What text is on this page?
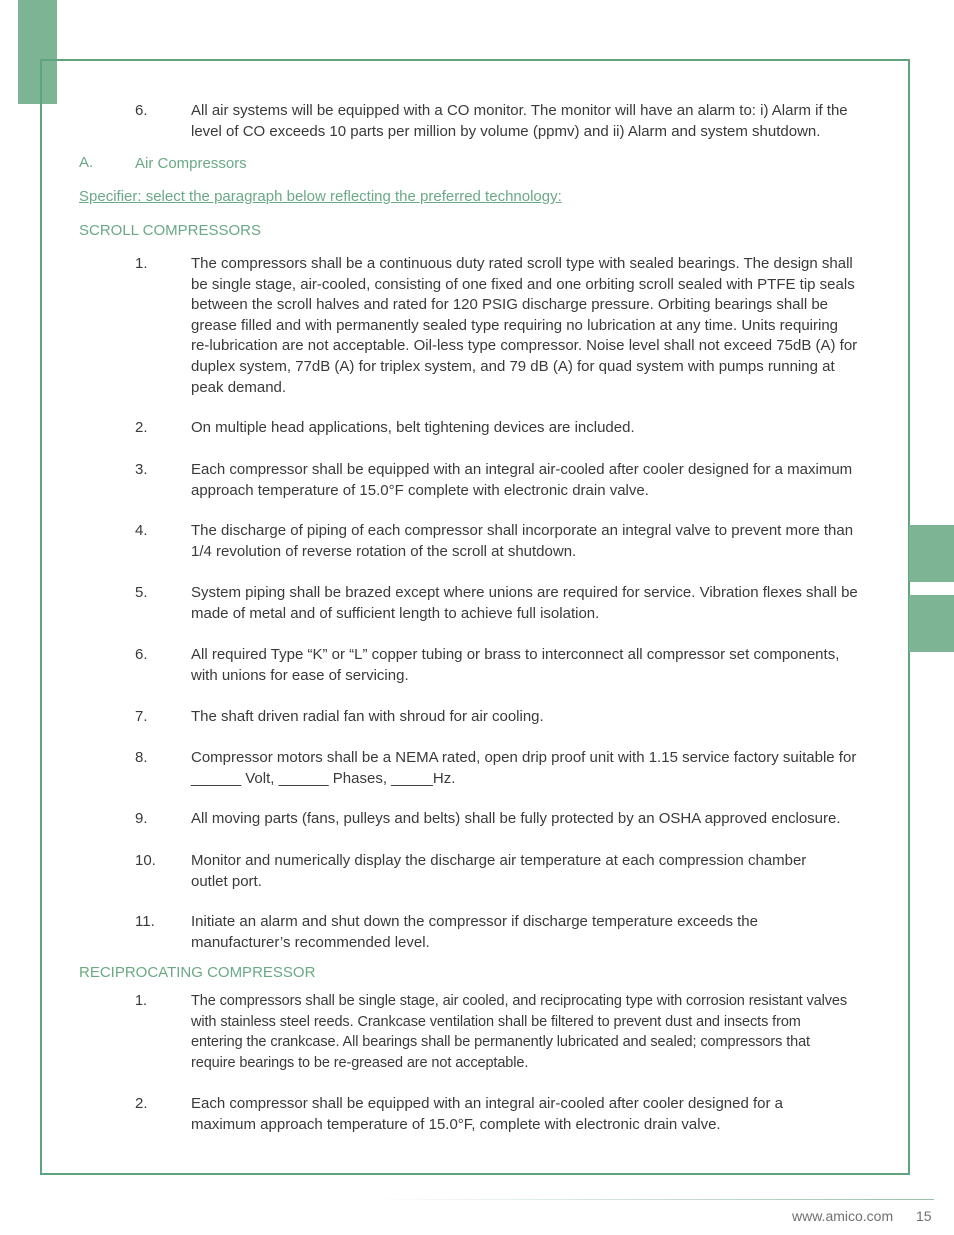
6.	All air systems will be equipped with a CO monitor. The monitor will have an alarm to: i) Alarm if the
level of CO exceeds 10 parts per million by volume (ppmv) and ii) Alarm and system shutdown.
A.	Air Compressors
Specifier: select the paragraph below reflecting the preferred technology:
SCROLL COMPRESSORS
1.	The compressors shall be a continuous duty rated scroll type with sealed bearings. The design shall
be single stage, air-cooled, consisting of one fixed and one orbiting scroll sealed with PTFE tip seals
between the scroll halves and rated for 120 PSIG discharge pressure. Orbiting bearings shall be
grease filled and with permanently sealed type requiring no lubrication at any time. Units requiring
re-lubrication are not acceptable. Oil-less type compressor. Noise level shall not exceed 75dB (A) for
duplex system, 77dB (A) for triplex system, and 79 dB (A) for quad system with pumps running at
peak demand.
2.	On multiple head applications, belt tightening devices are included.
3.	Each compressor shall be equipped with an integral air-cooled after cooler designed for a maximum
approach temperature of 15.0°F complete with electronic drain valve.
4.	The discharge of piping of each compressor shall incorporate an integral valve to prevent more than
1/4 revolution of reverse rotation of the scroll at shutdown.
5.	System piping shall be brazed except where unions are required for service. Vibration flexes shall be
made of metal and of sufficient length to achieve full isolation.
6.	All required Type “K” or “L” copper tubing or brass to interconnect all compressor set components,
with unions for ease of servicing.
7.	The shaft driven radial fan with shroud for air cooling.
8.	Compressor motors shall be a NEMA rated, open drip proof unit with 1.15 service factory suitable for
______ Volt, ______ Phases, _____Hz.
9.	All moving parts (fans, pulleys and belts) shall be fully protected by an OSHA approved enclosure.
10. Monitor and numerically display the discharge air temperature at each compression chamber
outlet port.
11. Initiate an alarm and shut down the compressor if discharge temperature exceeds the
manufacturer’s recommended level.
RECIPROCATING COMPRESSOR
1.	The compressors shall be single stage, air cooled, and reciprocating type with corrosion resistant valves
with stainless steel reeds. Crankcase ventilation shall be filtered to prevent dust and insects from
entering the crankcase. All bearings shall be permanently lubricated and sealed; compressors that
require bearings to be re-greased are not acceptable.
2.	Each compressor shall be equipped with an integral air-cooled after cooler designed for a
maximum approach temperature of 15.0°F, complete with electronic drain valve.
www.amico.com 15
